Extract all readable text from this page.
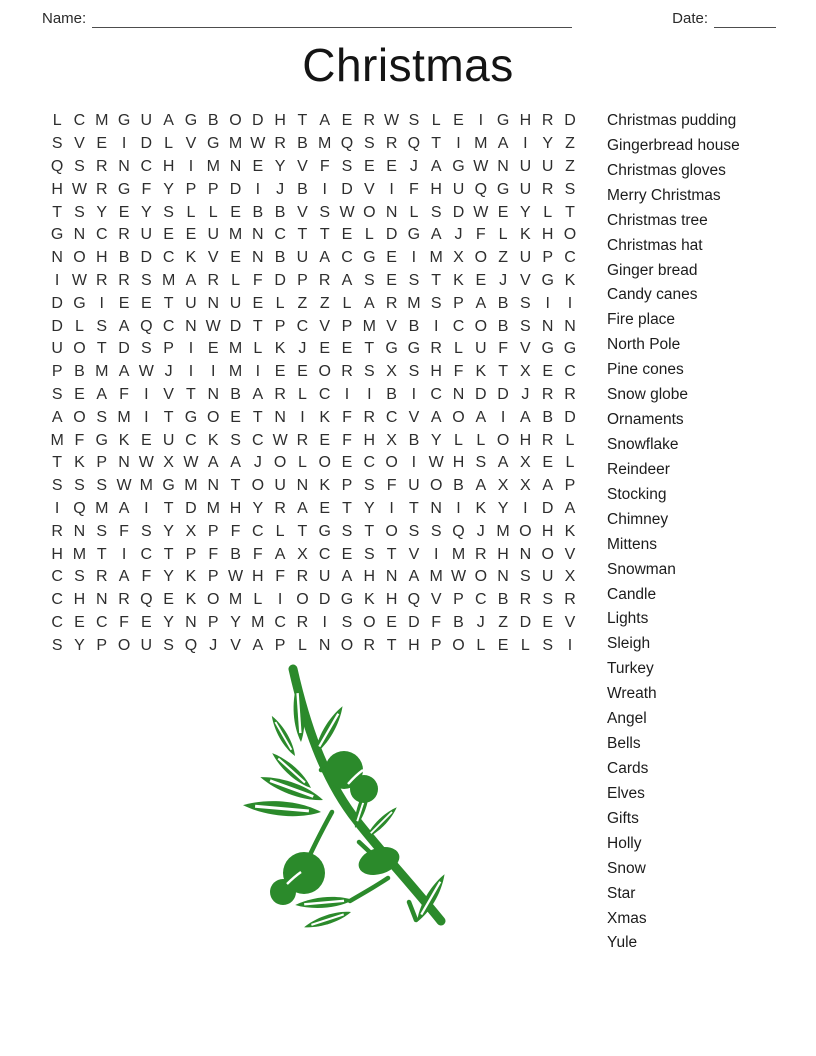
Name:	Date:
Christmas
L C M G U A G B O D H T A E R W S L E I G H R D
S V E I D L V G M W R B M Q S R Q T I M A I Y Z
Q S R N C H I M N E Y V F S E E J A G W N U U Z
H W R G F Y P P D I	J B I D V I F H U Q G U R S
T S Y E Y S L L E B B V S W O N L S D W E Y L T
G N C R U E E U M N C T T E L D G A J F L K H O
N O H B D C K V E N B U A C G E I M X O Z U P C
I W R R S M A R L F D P R A S E S T K E J V G K
D G I E E T U N U E L Z Z L A R M S P A B S I	I
D L S A Q C N W D T P C V P M V B I C O B S N N
U O T D S P I E M L K J E E T G G R L U F V G G
P B M A W J	I	I M I E E O R S X S H F K T X E C
S E A F I V T N B A R L C I	I B I C N D D J R R
A O S M I T G O E T N I K F R C V A O A I A B D
M F G K E U C K S C W R E F H X B Y L L O H R L
T K P N W X W A A J O L O E C O I W H S A X E L
S S S W M G M N T O U N K P S F U O B A X X A P
I Q M A I T D M H Y R A E T Y I T N I K Y I D A
R N S F S Y X P F C L T G S T O S S Q J M O H K
H M T I C T P F B F A X C E S T V I M R H N O V
C S R A F Y K P W H F R U A H N A M W O N S U X
C H N R Q E K O M L I O D G K H Q V P C B R S R
C E C F E Y N P Y M C R I S O E D F B J Z D E V
S Y P O U S Q J V A P L N O R T H P O L E L S I
Christmas pudding
Gingerbread house
Christmas gloves
Merry Christmas
Christmas tree
Christmas hat
Ginger bread
Candy canes
Fire place
North Pole
Pine cones
Snow globe
Ornaments
Snowflake
Reindeer
Stocking
Chimney
Mittens
Snowman
Candle
Lights
Sleigh
Turkey
Wreath
Angel
Bells
Cards
Elves
Gifts
Holly
Snow
Star
Xmas
Yule
